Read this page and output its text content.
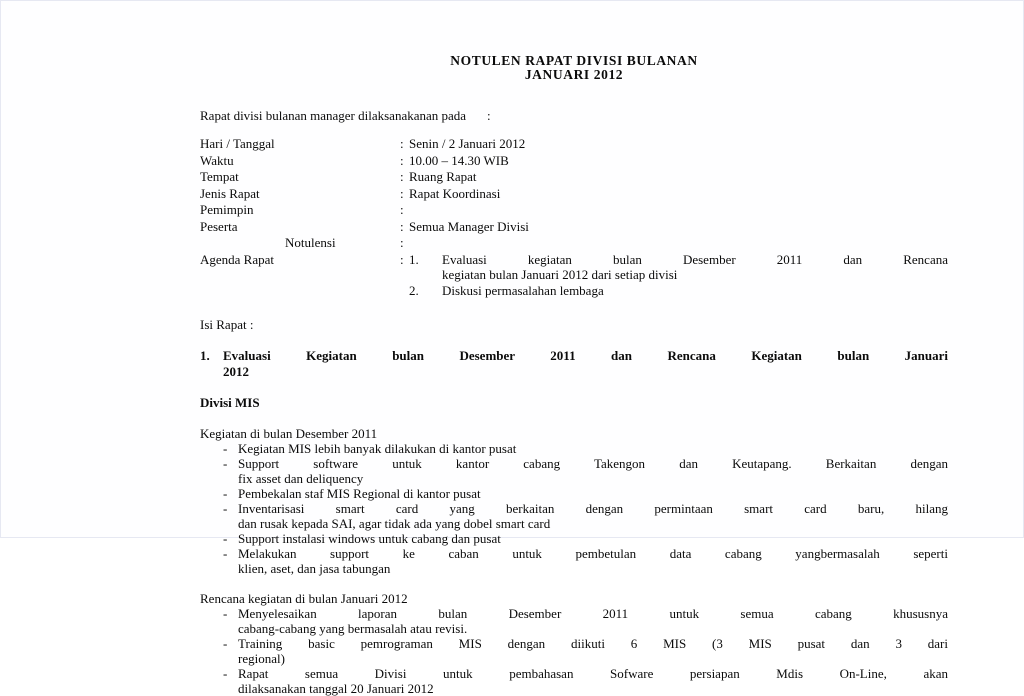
NOTULEN RAPAT DIVISI BULANAN
JANUARI 2012
Rapat divisi bulanan manager dilaksanakanan pada :
Hari / Tanggal	: Senin / 2 Januari 2012
Waktu	: 10.00 – 14.30 WIB
Tempat	: Ruang Rapat
Jenis Rapat	: Rapat Koordinasi
Pemimpin	:
Peserta	: Semua Manager Divisi
Notulensi	:
Agenda Rapat	: 1. Evaluasi kegiatan bulan Desember 2011 dan Rencana
kegiatan bulan Januari 2012 dari setiap divisi
2. Diskusi permasalahan lembaga
Isi Rapat :
1. Evaluasi Kegiatan bulan Desember 2011 dan Rencana Kegiatan bulan Januari
2012
Divisi MIS
Kegiatan di bulan Desember 2011
- Kegiatan MIS lebih banyak dilakukan di kantor pusat
- Support software untuk kantor cabang Takengon dan Keutapang. Berkaitan dengan
fix asset dan deliquency
- Pembekalan staf MIS Regional di kantor pusat
- Inventarisasi smart card yang berkaitan dengan permintaan smart card baru, hilang
dan rusak kepada SAI, agar tidak ada yang dobel smart card
- Support instalasi windows untuk cabang dan pusat
- Melakukan support ke caban untuk pembetulan data cabang yangbermasalah seperti
klien, aset, dan jasa tabungan
Rencana kegiatan di bulan Januari 2012
- Menyelesaikan laporan bulan Desember 2011 untuk semua cabang khususnya
cabang-cabang yang bermasalah atau revisi.
- Training basic pemrograman MIS dengan diikuti 6 MIS (3 MIS pusat dan 3 dari
regional)
- Rapat semua Divisi untuk pembahasan Sofware persiapan Mdis On-Line, akan
dilaksanakan tanggal 20 Januari 2012
